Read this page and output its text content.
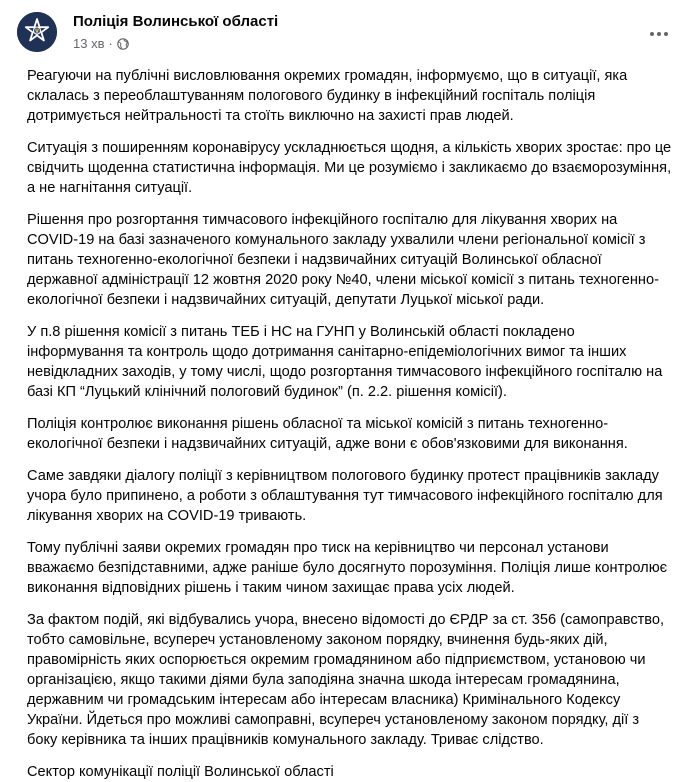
Поліція Волинської області
13 хв ·

Реагуючи на публічні висловлювання окремих громадян, інформуємо, що в ситуації, яка склалась з переоблаштуванням пологового будинку в інфекційний госпіталь поліція дотримується нейтральності та стоїть виключно на захисті прав людей.

Ситуація з поширенням коронавірусу ускладнюється щодня, а кількість хворих зростає: про це свідчить щоденна статистична інформація. Ми це розуміємо і закликаємо до взаєморозуміння, а не нагнітання ситуації.

Рішення про розгортання тимчасового інфекційного госпіталю для лікування хворих на COVID-19 на базі зазначеного комунального закладу ухвалили члени регіональної комісії з питань техногенно-екологічної безпеки і надзвичайних ситуацій Волинської обласної державної адміністрації 12 жовтня 2020 року №40, члени міської комісії з питань техногенно-екологічної безпеки і надзвичайних ситуацій, депутати Луцької міської ради.

У п.8 рішення комісії з питань ТЕБ і НС на ГУНП у Волинській області покладено інформування та контроль щодо дотримання санітарно-епідеміологічних вимог та інших невідкладних заходів, у тому числі, щодо розгортання тимчасового інфекційного госпіталю на базі КП “Луцький клінічний пологовий будинок” (п. 2.2. рішення комісії).

Поліція контролює виконання рішень обласної та міської комісій з питань техногенно-екологічної безпеки і надзвичайних ситуацій, адже вони є обов'язковими для виконання.

Саме завдяки діалогу поліції з керівництвом пологового будинку протест працівників закладу учора було припинено, а роботи з облаштування тут тимчасового інфекційного госпіталю для лікування хворих на COVID-19 тривають.

Тому публічні заяви окремих громадян про тиск на керівництво чи персонал установи вважаємо безпідставними, адже раніше було досягнуто порозуміння. Поліція лише контролює виконання відповідних рішень і таким чином захищає права усіх людей.

За фактом подій, які відбувались учора, внесено відомості до ЄРДР за ст. 356 (самоправство, тобто самовільне, всупереч установленому законом порядку, вчинення будь-яких дій, правомірність яких оспорюється окремим громадянином або підприємством, установою чи організацією, якщо такими діями була заподіяна значна шкода інтересам громадянина, державним чи громадським інтересам або інтересам власника) Кримінального Кодексу України. Йдеться про можливі самоправні, всупереч установленому законом порядку, дії з боку керівника та інших працівників комунального закладу. Триває слідство.

Сектор комунікації поліції Волинської області
